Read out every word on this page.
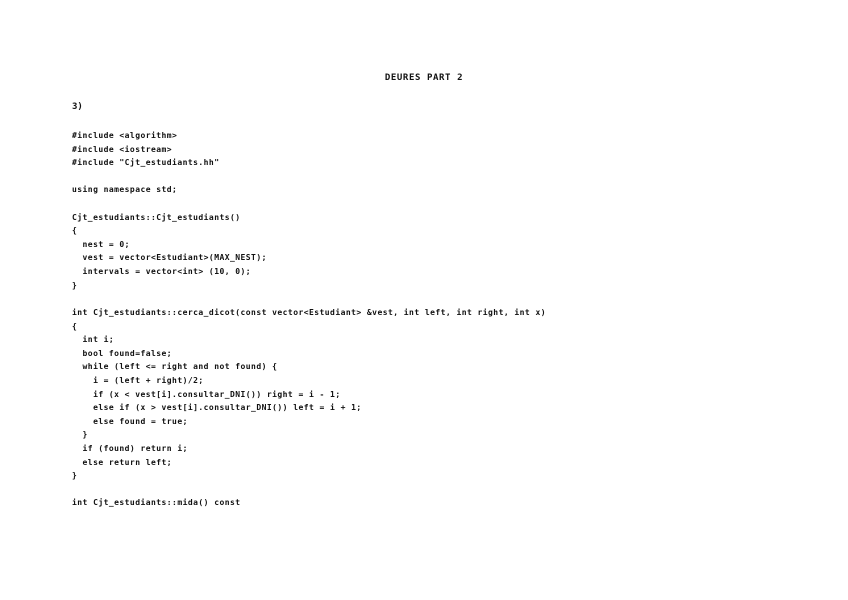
DEURES PART 2
3)
#include <algorithm>
#include <iostream>
#include "Cjt_estudiants.hh"
using namespace std;
Cjt_estudiants::Cjt_estudiants()
{
nest = 0;
vest = vector<Estudiant>(MAX_NEST);
intervals = vector<int> (10, 0);
}
int Cjt_estudiants::cerca_dicot(const vector<Estudiant> &vest, int left, int right, int x)
{
int i;
bool found=false;
while (left <= right and not found) {
i = (left + right)/2;
if (x < vest[i].consultar_DNI()) right = i - 1;
else if (x > vest[i].consultar_DNI()) left = i + 1;
else found = true;
}
if (found) return i;
else return left;
}
int Cjt_estudiants::mida() const
